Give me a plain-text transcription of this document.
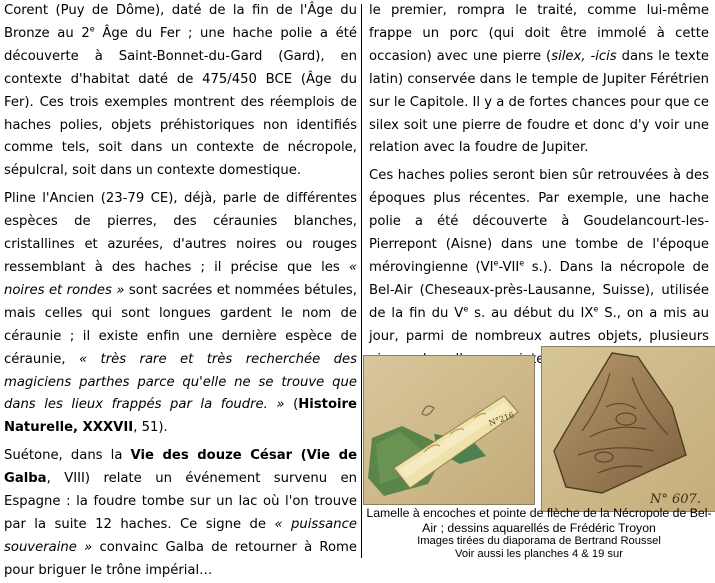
Corent (Puy de Dôme), daté de la fin de l'Âge du Bronze au 2e Âge du Fer ; une hache polie a été découverte à Saint-Bonnet-du-Gard (Gard), en contexte d'habitat daté de 475/450 BCE (Âge du Fer). Ces trois exemples montrent des réemplois de haches polies, objets préhistoriques non identifiés comme tels, soit dans un contexte de nécropole, sépulcral, soit dans un contexte domestique.

Pline l'Ancien (23-79 CE), déjà, parle de différentes espèces de pierres, des céraunies blanches, cristallines et azurées, d'autres noires ou rouges ressemblant à des haches ; il précise que les « noires et rondes » sont sacrées et nommées bétules, mais celles qui sont longues gardent le nom de céraunie ; il existe enfin une dernière espèce de céraunie, « très rare et très recherchée des magiciens parthes parce qu'elle ne se trouve que dans les lieux frappés par la foudre. » (Histoire Naturelle, XXXVII, 51).

Suétone, dans la Vie des douze César (Vie de Galba, VIII) relate un événement survenu en Espagne : la foudre tombe sur un lac où l'on trouve par la suite 12 haches. Ce signe de « puissance souveraine » convainc Galba de retourner à Rome pour briguer le trône impérial…

le premier, rompra le traité, comme lui-même frappe un porc (qui doit être immolé à cette occasion) avec une pierre (silex, -icis dans le texte latin) conservée dans le temple de Jupiter Férétrien sur le Capitole. Il y a de fortes chances pour que ce silex soit une pierre de foudre et donc d'y voir une relation avec la foudre de Jupiter.

Ces haches polies seront bien sûr retrouvées à des époques plus récentes. Par exemple, une hache polie a été découverte à Goudelancourt-les-Pierrepont (Aisne) dans une tombe de l'époque mérovingienne (VIe-VIIe s.). Dans la nécropole de Bel-Air (Cheseaux-près-Lausanne, Suisse), utilisée de la fin du Ve s. au début du IXe S., on a mis au jour, parmi de nombreux autres objets, plusieurs

N°216
N° 607.
Lamelle à encoches et pointe de flèche de la Nécropole de Bel-Air ; dessins aquarellés de Frédéric Troyon
Images tirées du diaporama de Bertrand Roussel
Voir aussi les planches 4 & 19 sur
